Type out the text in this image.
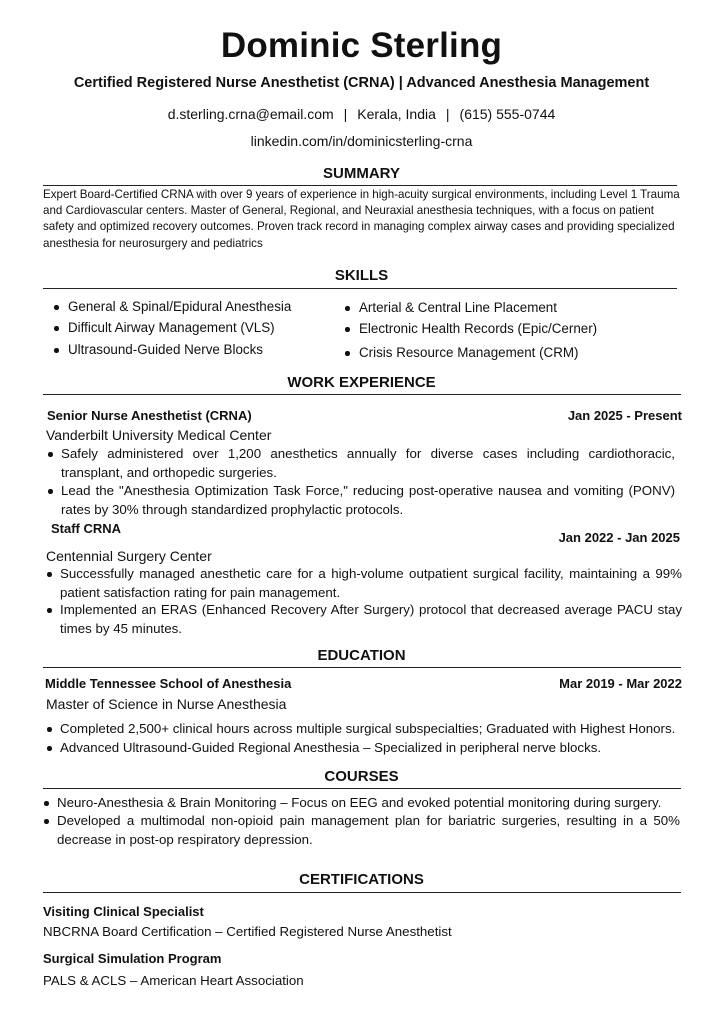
Dominic Sterling
Certified Registered Nurse Anesthetist (CRNA) | Advanced Anesthesia Management
d.sterling.crna@email.com | Kerala, India | (615) 555-0744
linkedin.com/in/dominicsterling-crna
SUMMARY
Expert Board-Certified CRNA with over 9 years of experience in high-acuity surgical environments, including Level 1 Trauma and Cardiovascular centers. Master of General, Regional, and Neuraxial anesthesia techniques, with a focus on patient safety and optimized recovery outcomes. Proven track record in managing complex airway cases and providing specialized anesthesia for neurosurgery and pediatrics
SKILLS
General & Spinal/Epidural Anesthesia
Difficult Airway Management (VLS)
Ultrasound-Guided Nerve Blocks
Arterial & Central Line Placement
Electronic Health Records (Epic/Cerner)
Crisis Resource Management (CRM)
WORK EXPERIENCE
Senior Nurse Anesthetist (CRNA)	Jan 2025 - Present
Vanderbilt University Medical Center
Safely administered over 1,200 anesthetics annually for diverse cases including cardiothoracic, transplant, and orthopedic surgeries.
Lead the "Anesthesia Optimization Task Force," reducing post-operative nausea and vomiting (PONV) rates by 30% through standardized prophylactic protocols.
Staff CRNA
Jan 2022 - Jan 2025
Centennial Surgery Center
Successfully managed anesthetic care for a high-volume outpatient surgical facility, maintaining a 99% patient satisfaction rating for pain management.
Implemented an ERAS (Enhanced Recovery After Surgery) protocol that decreased average PACU stay times by 45 minutes.
EDUCATION
Middle Tennessee School of Anesthesia	Mar 2019 - Mar 2022
Master of Science in Nurse Anesthesia
Completed 2,500+ clinical hours across multiple surgical subspecialties; Graduated with Highest Honors.
Advanced Ultrasound-Guided Regional Anesthesia – Specialized in peripheral nerve blocks.
COURSES
Neuro-Anesthesia & Brain Monitoring – Focus on EEG and evoked potential monitoring during surgery.
Developed a multimodal non-opioid pain management plan for bariatric surgeries, resulting in a 50% decrease in post-op respiratory depression.
CERTIFICATIONS
Visiting Clinical Specialist
NBCRNA Board Certification – Certified Registered Nurse Anesthetist
Surgical Simulation Program
PALS & ACLS – American Heart Association
